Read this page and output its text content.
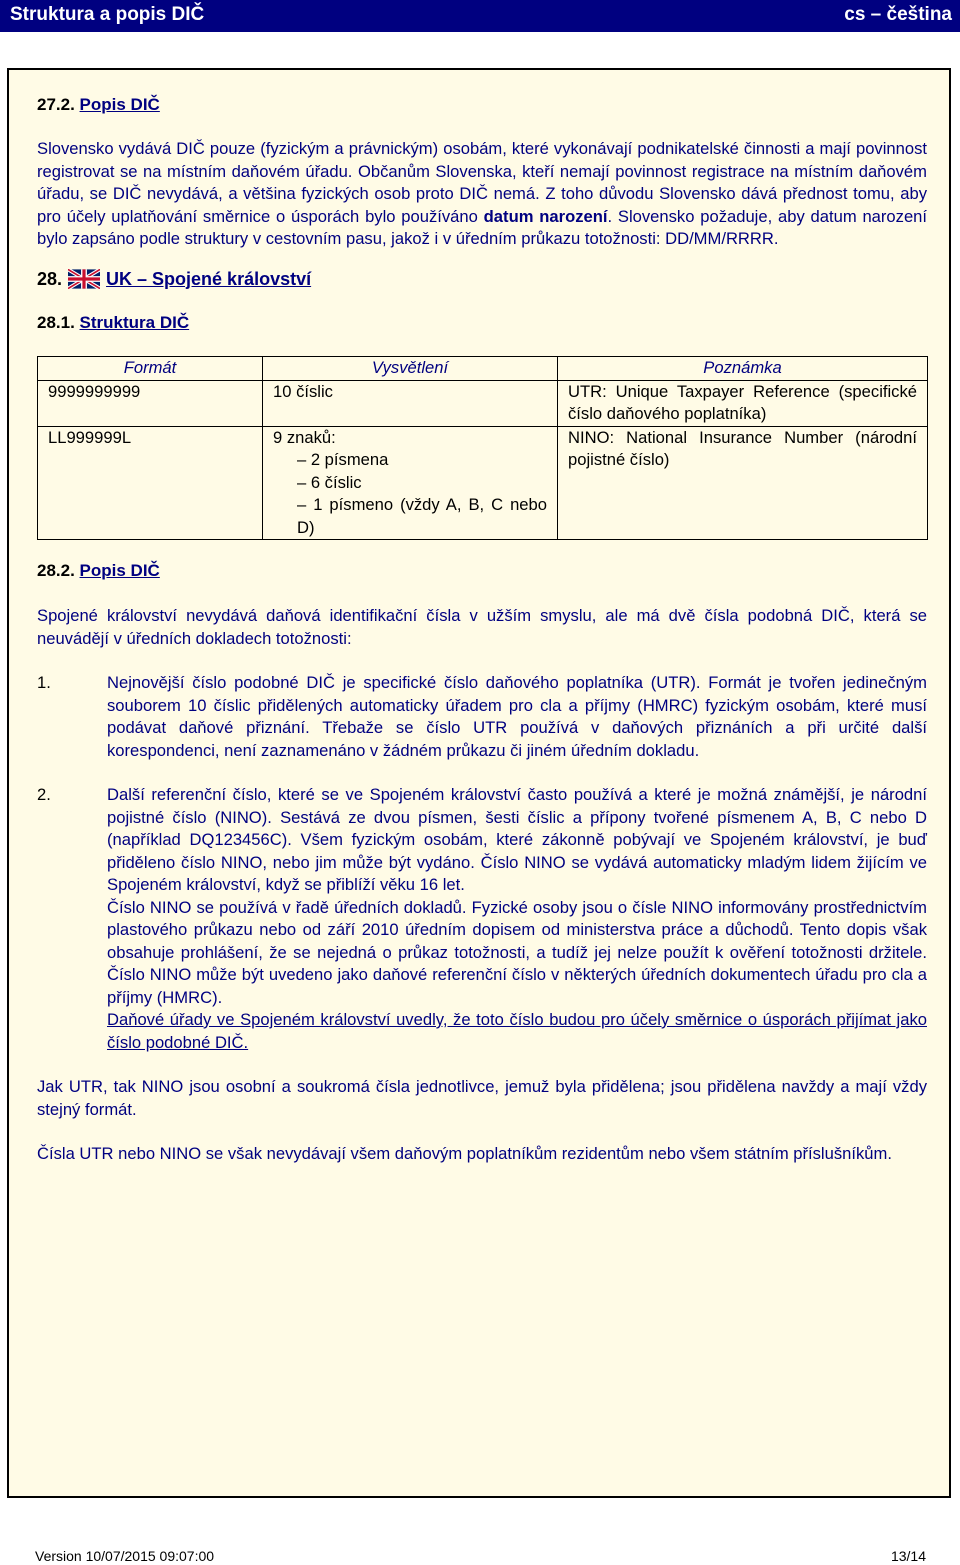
Struktura a popis DIČ	cs – čeština
27.2. Popis DIČ

Slovensko vydává DIČ pouze (fyzickým a právnickým) osobám, které vykonávají podnikatelské činnosti a mají povinnost registrovat se na místním daňovém úřadu. Občanům Slovenska, kteří nemají povinnost registrace na místním daňovém úřadu, se DIČ nevydává, a většina fyzických osob proto DIČ nemá. Z toho důvodu Slovensko dává přednost tomu, aby pro účely uplatňování směrnice o úsporách bylo používáno datum narození. Slovensko požaduje, aby datum narození bylo zapsáno podle struktury v cestovním pasu, jakož i v úředním průkazu totožnosti: DD/MM/RRRR.

28. UK – Spojené království
28.1. Struktura DIČ
Formát	Vysvětlení	Poznámka
9999999999	10 číslic	UTR: Unique Taxpayer Reference (specifické číslo daňového poplatníka)
LL999999L	9 znaků:
– 2 písmena
– 6 číslic
– 1 písmeno (vždy A, B, C nebo D)	NINO: National Insurance Number (národní pojistné číslo)
28.2. Popis DIČ

Spojené království nevydává daňová identifikační čísla v užším smyslu, ale má dvě čísla podobná DIČ, která se neuvádějí v úředních dokladech totožnosti:

1.	Nejnovější číslo podobné DIČ je specifické číslo daňového poplatníka (UTR). Formát je tvořen jedinečným souborem 10 číslic přidělených automaticky úřadem pro cla a příjmy (HMRC) fyzickým osobám, které musí podávat daňové přiznání. Třebaže se číslo UTR používá v daňových přiznáních a při určité další korespondenci, není zaznamenáno v žádném průkazu či jiném úředním dokladu.
2.	Další referenční číslo, které se ve Spojeném království často používá a které je možná známější, je národní pojistné číslo (NINO). Sestává ze dvou písmen, šesti číslic a přípony tvořené písmenem A, B, C nebo D (například DQ123456C). Všem fyzickým osobám, které zákonně pobývají ve Spojeném království, je buď přiděleno číslo NINO, nebo jim může být vydáno. Číslo NINO se vydává automaticky mladým lidem žijícím ve Spojeném království, když se přiblíží věku 16 let.
Číslo NINO se používá v řadě úředních dokladů. Fyzické osoby jsou o čísle NINO informovány prostřednictvím plastového průkazu nebo od září 2010 úředním dopisem od ministerstva práce a důchodů. Tento dopis však obsahuje prohlášení, že se nejedná o průkaz totožnosti, a tudíž jej nelze použít k ověření totožnosti držitele. Číslo NINO může být uvedeno jako daňové referenční číslo v některých úředních dokumentech úřadu pro cla a příjmy (HMRC).
Daňové úřady ve Spojeném království uvedly, že toto číslo budou pro účely směrnice o úsporách přijímat jako číslo podobné DIČ.

Jak UTR, tak NINO jsou osobní a soukromá čísla jednotlivce, jemuž byla přidělena; jsou přidělena navždy a mají vždy stejný formát.

Čísla UTR nebo NINO se však nevydávají všem daňovým poplatníkům rezidentům nebo všem státním příslušníkům.

Version 10/07/2015 09:07:00	13/14
